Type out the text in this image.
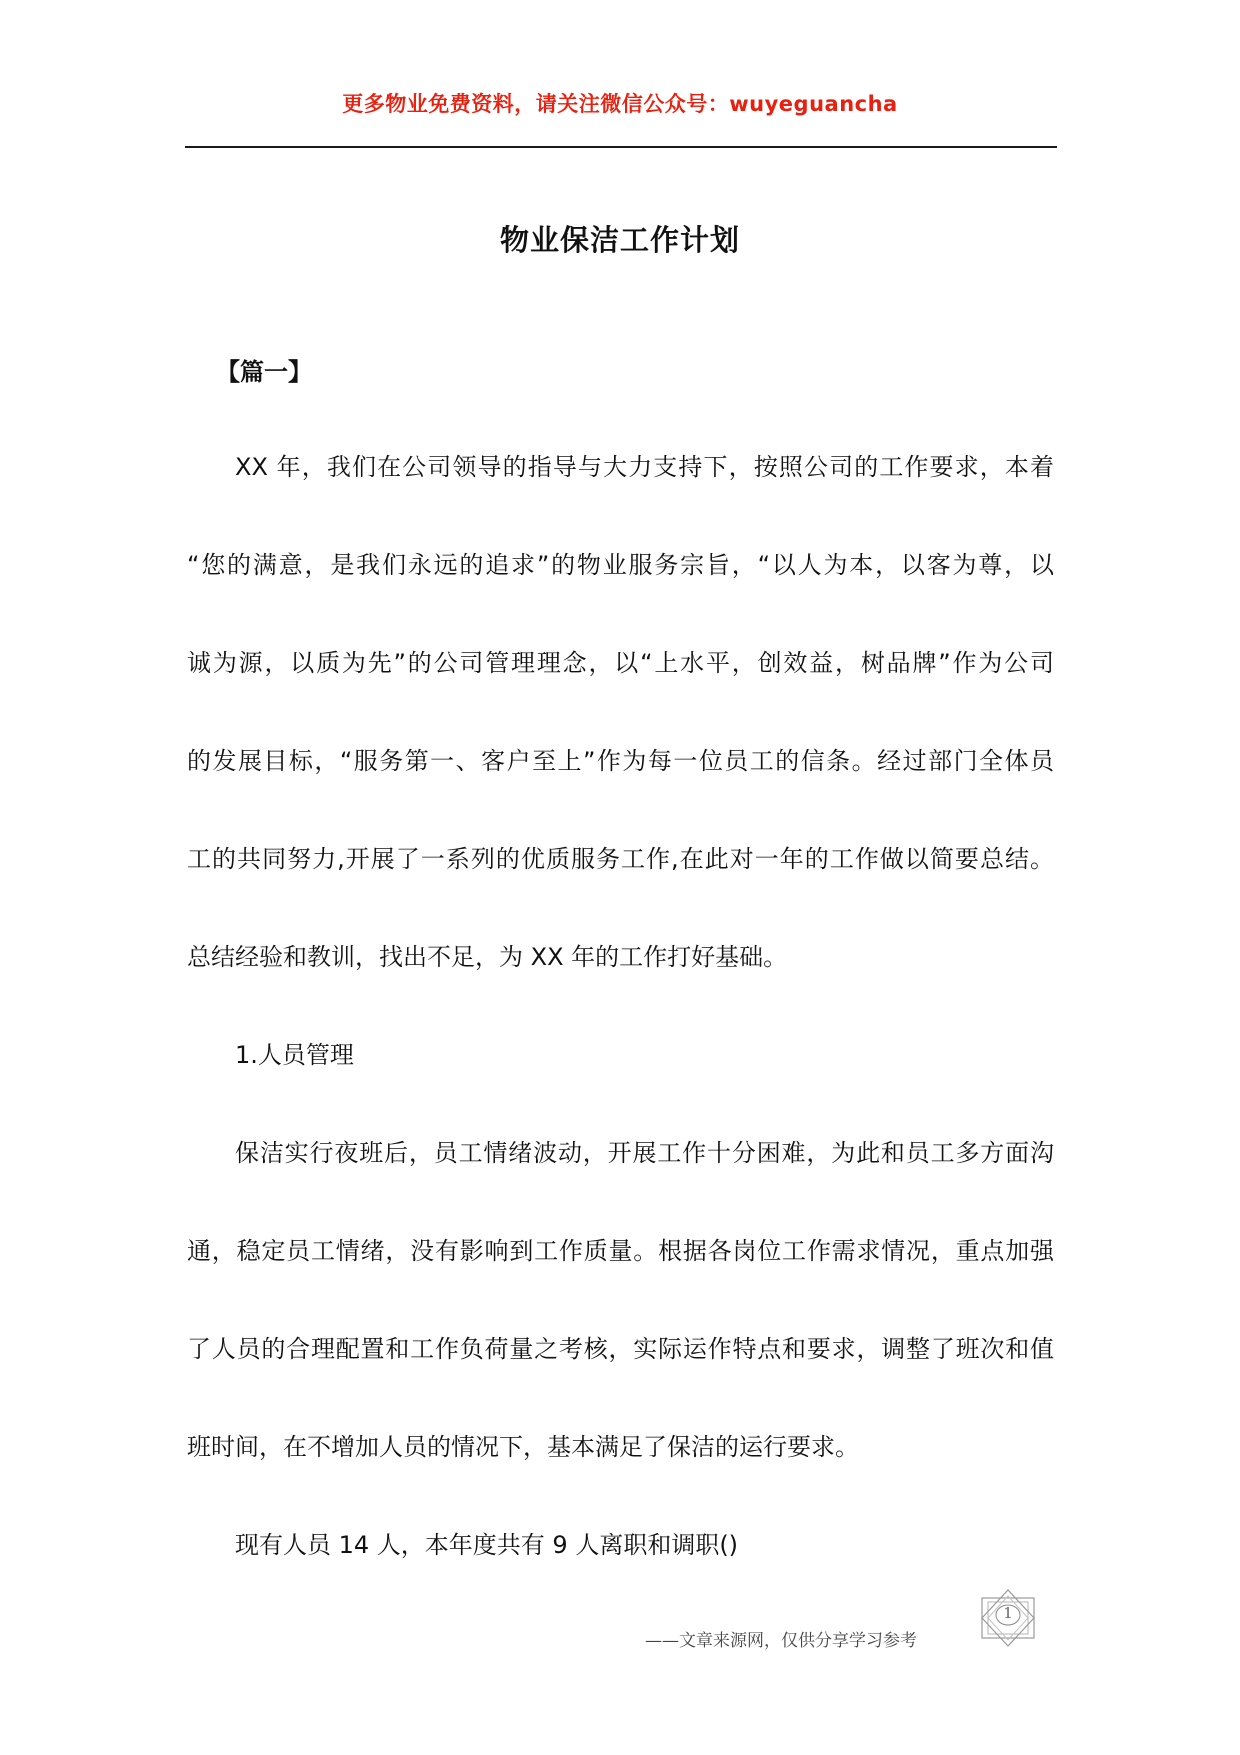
更多物业免费资料，请关注微信公众号：wuyeguancha
物业保洁工作计划
【篇一】
XX 年，我们在公司领导的指导与大力支持下，按照公司的工作要求，本着
“您的满意，是我们永远的追求”的物业服务宗旨，“以人为本，以客为尊，以
诚为源，以质为先”的公司管理理念，以“上水平，创效益，树品牌”作为公司
的发展目标，“服务第一、客户至上”作为每一位员工的信条。经过部门全体员
工的共同努力,开展了一系列的优质服务工作,在此对一年的工作做以简要总结。
总结经验和教训，找出不足，为 XX 年的工作打好基础。
1.人员管理
保洁实行夜班后，员工情绪波动，开展工作十分困难，为此和员工多方面沟
通，稳定员工情绪，没有影响到工作质量。根据各岗位工作需求情况，重点加强
了人员的合理配置和工作负荷量之考核，实际运作特点和要求，调整了班次和值
班时间，在不增加人员的情况下，基本满足了保洁的运行要求。
现有人员 14 人，本年度共有 9 人离职和调职()
——文章来源网，仅供分享学习参考
1
